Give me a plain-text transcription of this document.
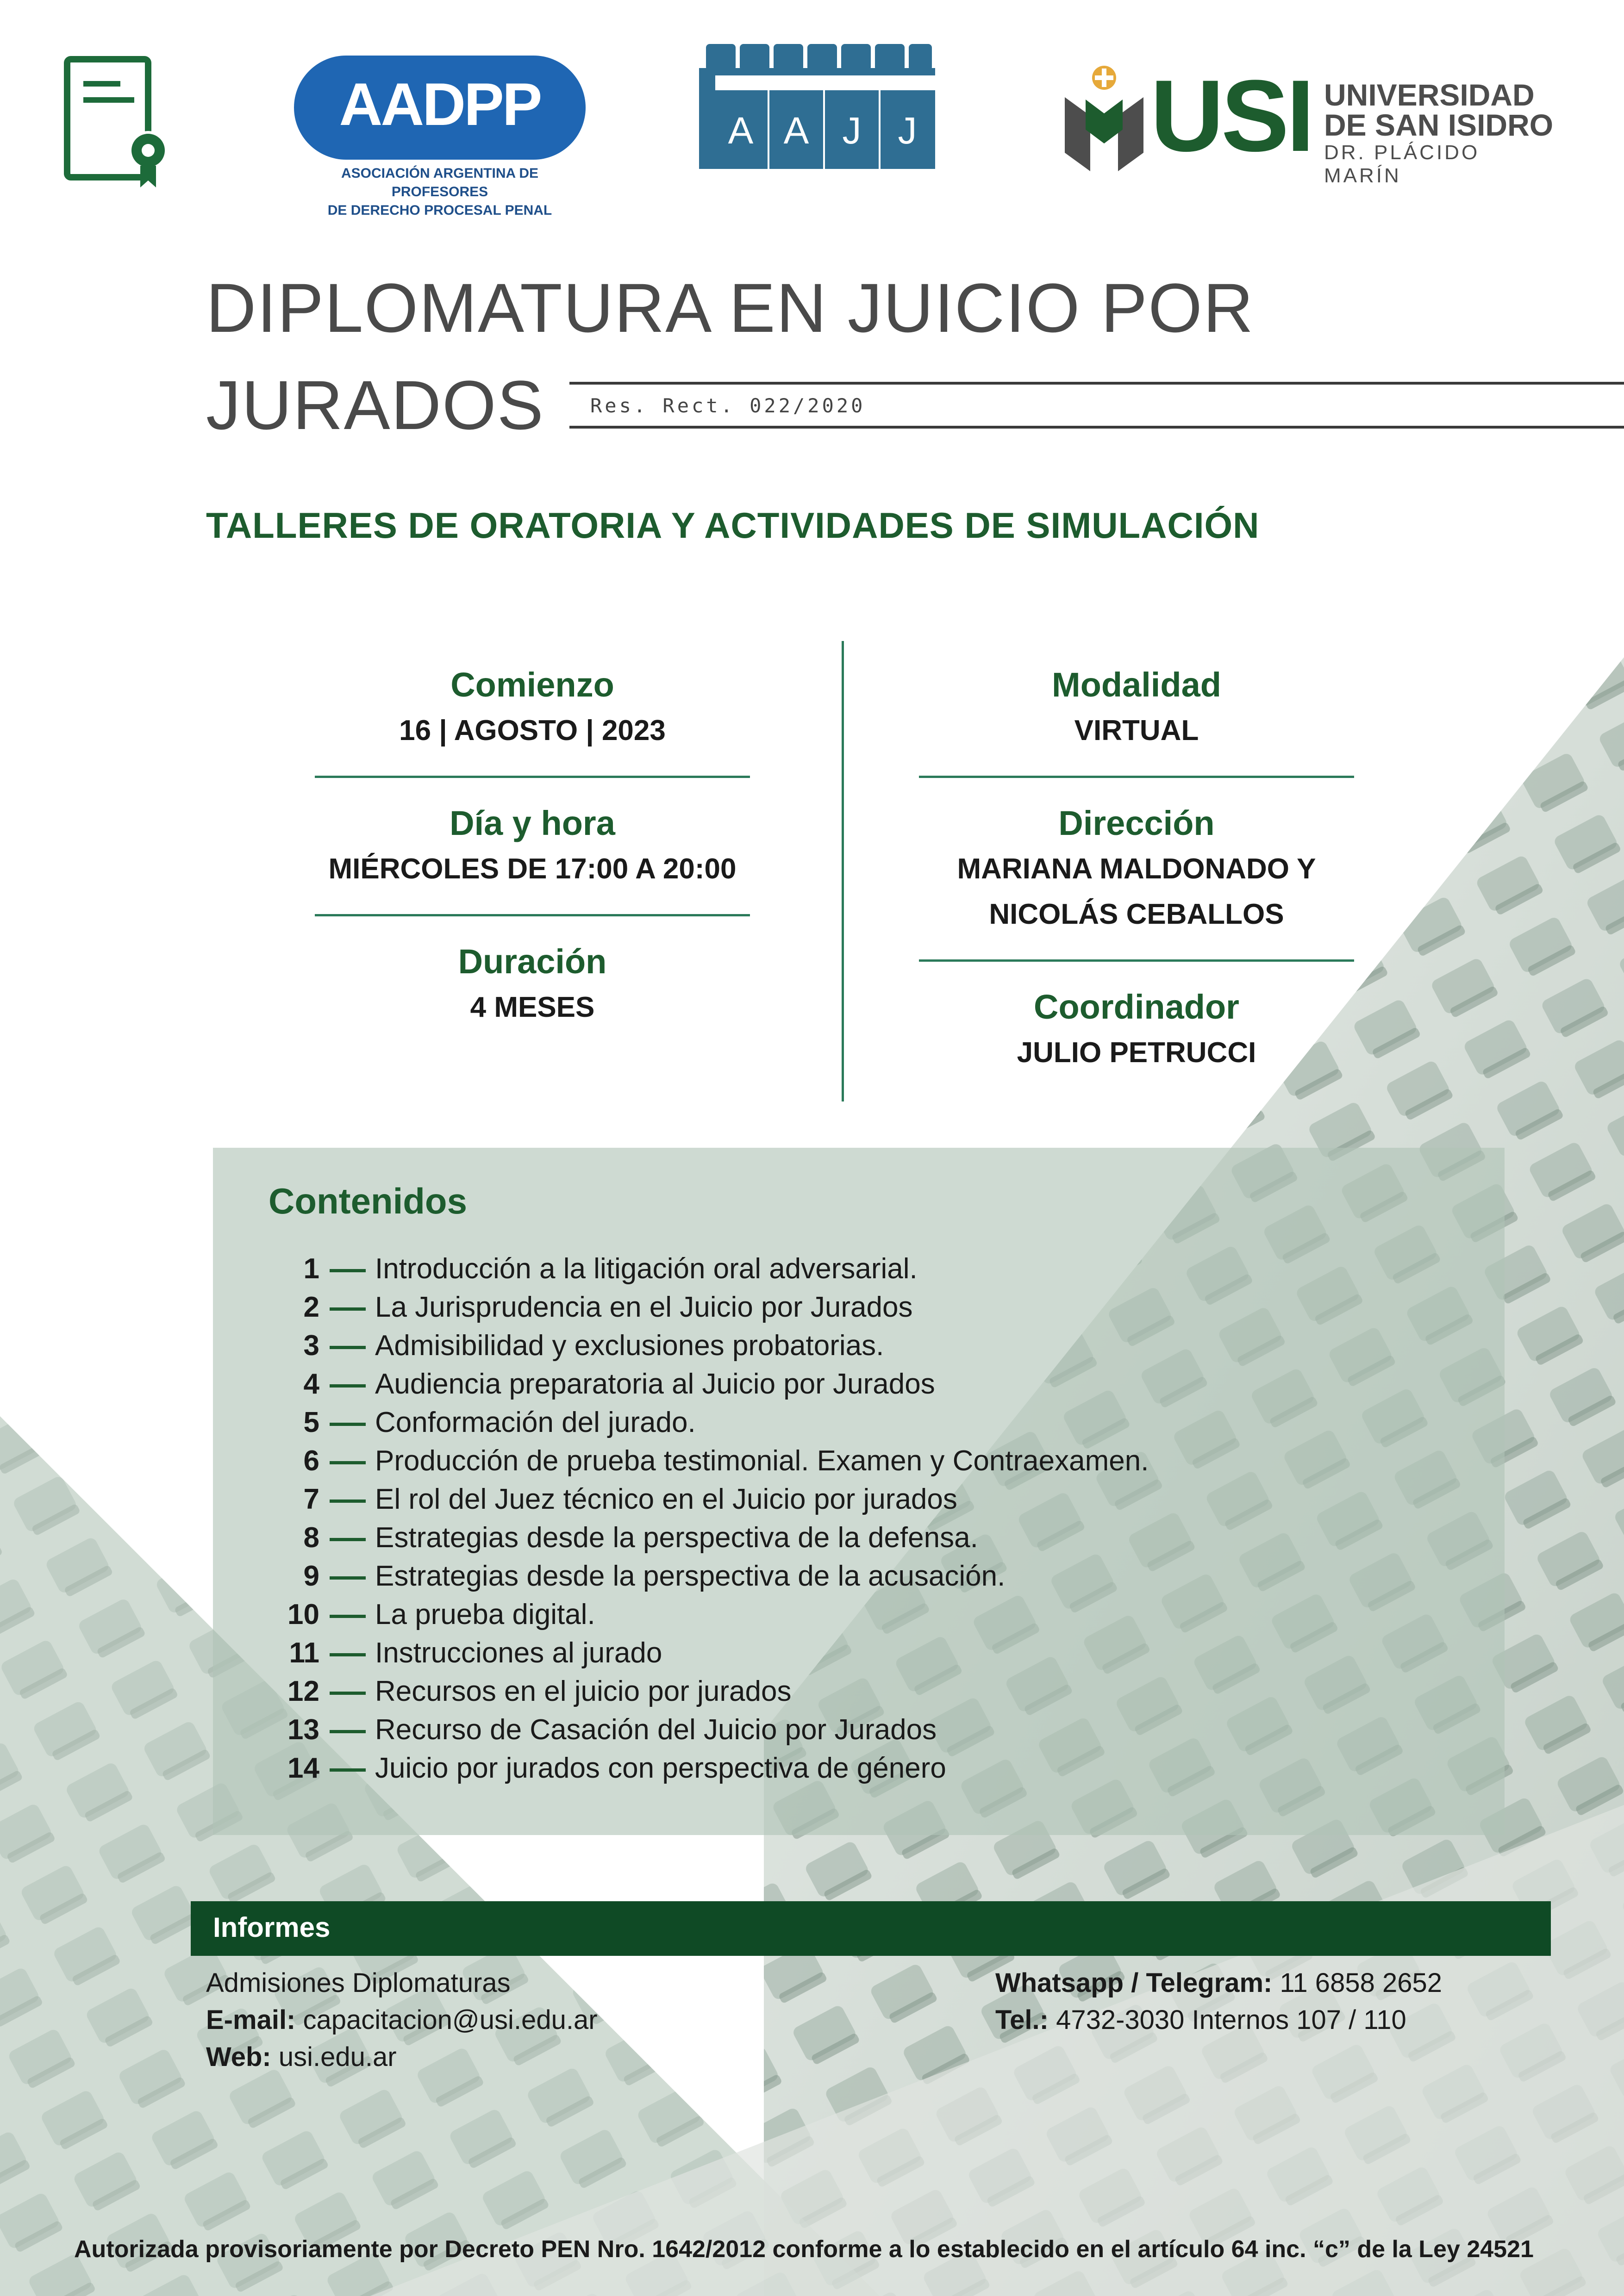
AADPP
ASOCIACIÓN ARGENTINA DE PROFESORES
DE DERECHO PROCESAL PENAL
A A J J USI UNIVERSIDAD
DE SAN ISIDRO
DR. PLÁCIDO MARÍN
DIPLOMATURA EN JUICIO POR
JURADOS	Res. Rect. 022/2020
TALLERES DE ORATORIA Y ACTIVIDADES DE SIMULACIÓN
Comienzo
16 | AGOSTO | 2023
Día y hora
MIÉRCOLES DE 17:00 A 20:00
Duración
4 MESES
Modalidad
VIRTUAL
Dirección
MARIANA MALDONADO Y
NICOLÁS CEBALLOS
Coordinador
JULIO PETRUCCI
Contenidos
1 Introducción a la litigación oral adversarial.
2 La Jurisprudencia en el Juicio por Jurados
3 Admisibilidad y exclusiones probatorias.
4 Audiencia preparatoria al Juicio por Jurados
5 Conformación del jurado.
6 Producción de prueba testimonial. Examen y Contraexamen.
7 El rol del Juez técnico en el Juicio por jurados
8 Estrategias desde la perspectiva de la defensa.
9 Estrategias desde la perspectiva de la acusación.
10 La prueba digital.
11 Instrucciones al jurado
12 Recursos en el juicio por jurados
13 Recurso de Casación del Juicio por Jurados
14 Juicio por jurados con perspectiva de género
Informes
Admisiones Diplomaturas
E-mail: capacitacion@usi.edu.ar
Web: usi.edu.ar
Whatsapp / Telegram: 11 6858 2652
Tel.: 4732-3030 Internos 107 / 110
Autorizada provisoriamente por Decreto PEN Nro. 1642/2012 conforme a lo establecido en el artículo 64 inc. “c” de la Ley 24521
